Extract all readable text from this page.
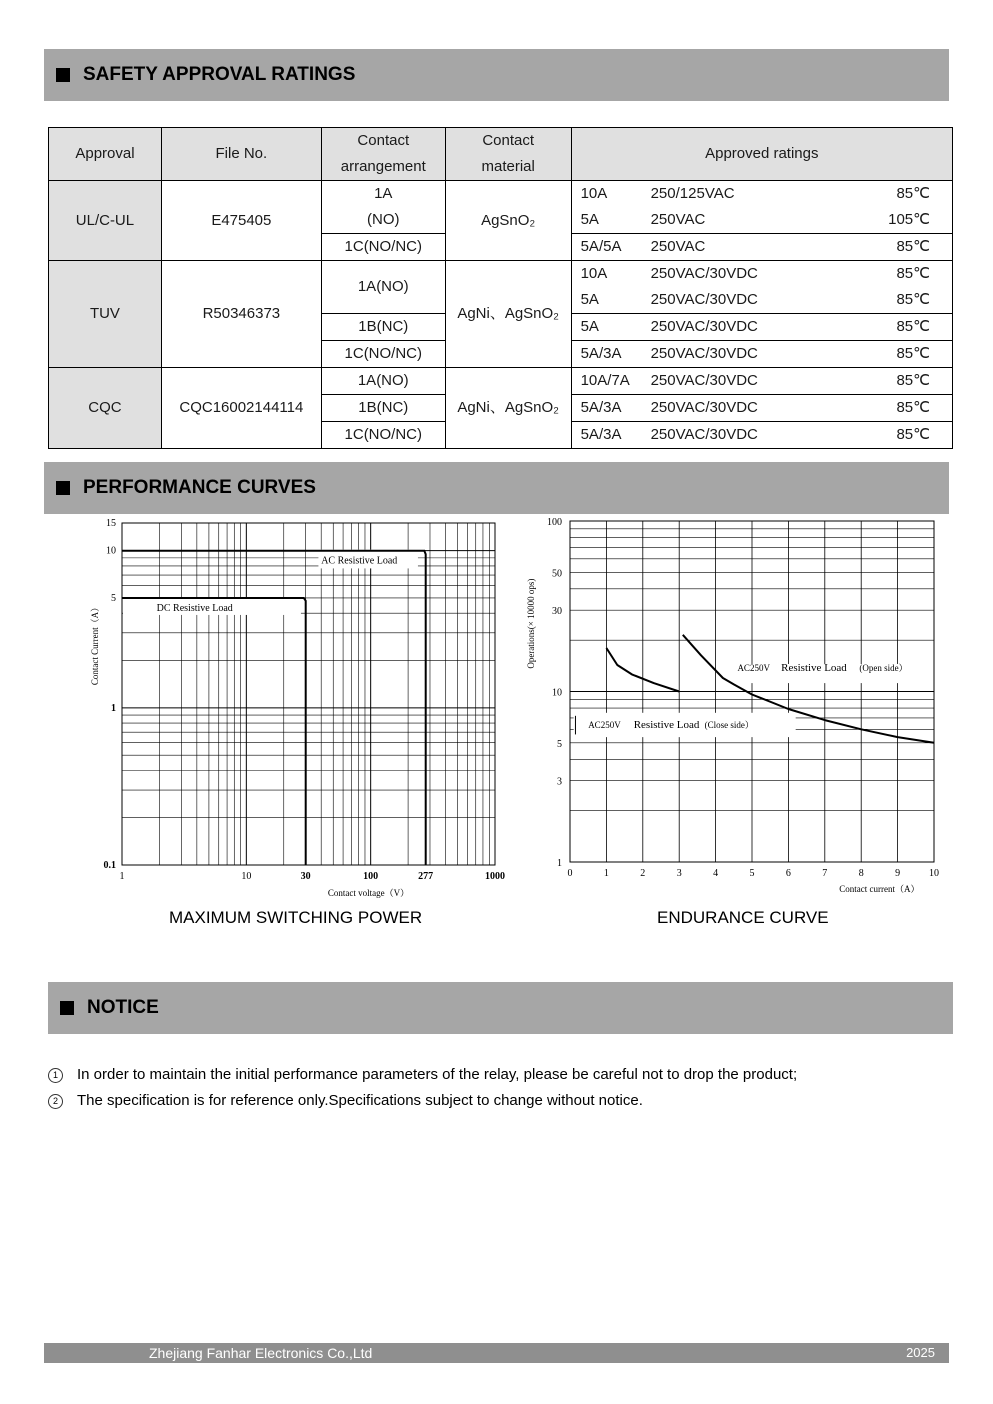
SAFETY APPROVAL RATINGS
Approval	File No.	Contact	Contact	Approved ratings
		arrangement	material	
UL/C-UL	E475405	1A	AgSnO₂	10A 250/125VAC 85℃

		(NO)		5A 250VAC 105℃

		1C(NO/NC)		5A/5A 250VAC 85℃

TUV	R50346373	1A(NO)	AgNi、AgSnO₂	10A 250VAC/30VDC 85℃

				5A 250VAC/30VDC 85℃

		1B(NC)		5A 250VAC/30VDC 85℃

		1C(NO/NC)		5A/3A 250VAC/30VDC 85℃

CQC	CQC16002144114	1A(NO)	AgNi、AgSnO₂	10A/7A 250VAC/30VDC 85℃

		1B(NC)		5A/3A 250VAC/30VDC 85℃

		1C(NO/NC)		5A/3A 250VAC/30VDC 85℃
PERFORMANCE CURVES
1	10	30	100	277	1000
15
10
5
1
0.1
Contact voltage（V）
Contact Current（A）
AC Resistive Load
DC Resistive Load
0	1	2	3	4	5	6	7	8	9	10
100
50
30
10
5
3
1
Contact current（A）
Operations(× 10000 ops)	AC250V Resistive Load (Open side）
AC250V Resistive Load (Close side）
MAXIMUM SWITCHING POWER	ENDURANCE CURVE
NOTICE
1 In order to maintain the initial performance parameters of the relay, please be careful not to drop the product;
2 The specification is for reference only.Specifications subject to change without notice.
Zhejiang Fanhar Electronics Co.,Ltd	2025
